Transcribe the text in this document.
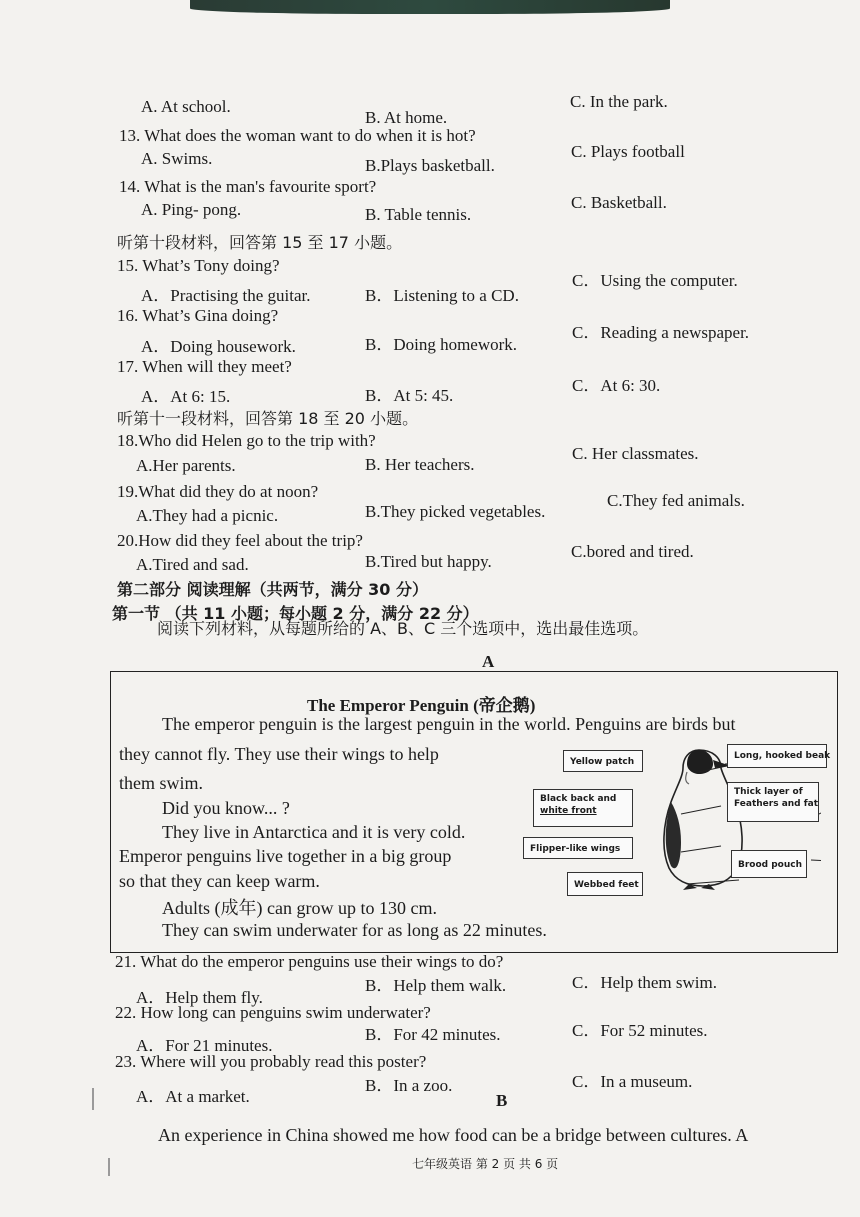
A. At school.
B. At home.
C. In the park.
13. What does the woman want to do when it is hot?
A. Swims.	B.Plays basketball.
C. Plays football
14. What is the man's favourite sport?
A. Ping- pong.	B. Table tennis.
C. Basketball.
听第十段材料，回答第 15 至 17 小题。
15. What’s Tony doing?
A．Practising the guitar.	B．Listening to a CD.
C．Using the computer.
16. What’s Gina doing?
A．Doing housework.	B．Doing homework.
C．Reading a newspaper.
17. When will they meet?
A．At 6: 15.	B．At 5: 45.
C．At 6: 30.
听第十一段材料，回答第 18 至 20 小题。
18.Who did Helen go to the trip with?
A.Her parents.	B. Her teachers.
C. Her classmates.
19.What did they do at noon?
A.They had a picnic.	B.They picked vegetables.
C.They fed animals.
20.How did they feel about the trip?
A.Tired and sad.	B.Tired but happy.
C.bored and tired.
第二部分 阅读理解（共两节，满分 30 分）
第一节 （共 11 小题；每小题 2 分，满分 22 分）
阅读下列材料，从每题所给的 A、B、C 三个选项中，选出最佳选项。
A
The Emperor Penguin (帝企鹅)
The emperor penguin is the largest penguin in the world. Penguins are birds but
they cannot fly. They use their wings to help
them swim.
Did you know... ?
They live in Antarctica and it is very cold.
Emperor penguins live together in a big group
so that they can keep warm.
Adults (成年) can grow up to 130 cm.
They can swim underwater for as long as 22 minutes.
Yellow patch
Black back and
white front
Flipper-like wings
Webbed feet
Long, hooked beak
Thick layer of
Feathers and fat
Brood pouch
21. What do the emperor penguins use their wings to do?
A．Help them fly.
B．Help them walk.	C．Help them swim.
22. How long can penguins swim underwater?
A．For 21 minutes.
B．For 42 minutes.	C．For 52 minutes.
23. Where will you probably read this poster?
A．At a market.
B．In a zoo.	C．In a museum.
B
An experience in China showed me how food can be a bridge between cultures. A
七年级英语 第 2 页 共 6 页
